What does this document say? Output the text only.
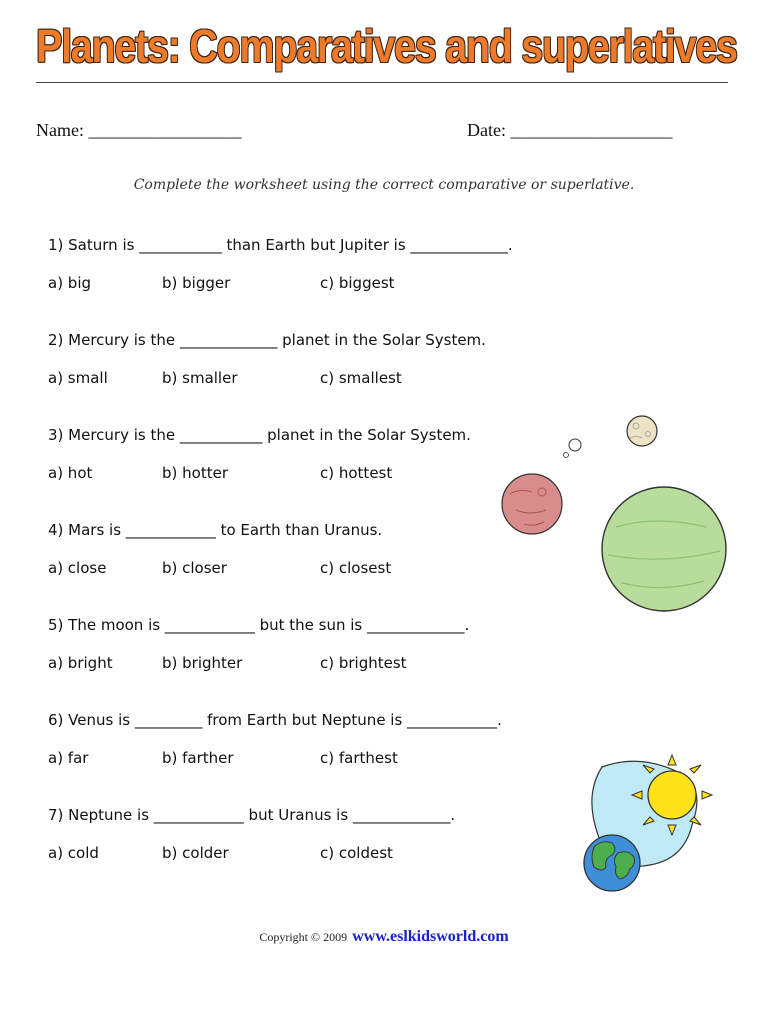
Planets: Comparatives and superlatives
Name: _________________	Date: __________________
Complete the worksheet using the correct comparative or superlative.
1) Saturn is ___________ than Earth but Jupiter is _____________.
a) big	b) bigger	c) biggest
2) Mercury is the _____________ planet in the Solar System.
a) small	b) smaller	c) smallest
3) Mercury is the ___________ planet in the Solar System.
a) hot	b) hotter	c) hottest
4) Mars is ____________ to Earth than Uranus.
a) close	b) closer	c) closest
5) The moon is ____________ but the sun is _____________.
a) bright	b) brighter	c) brightest
6) Venus is _________ from Earth but Neptune is ____________.
a) far	b) farther	c) farthest
7) Neptune is ____________ but Uranus is _____________.
a) cold	b) colder	c) coldest
Copyright © 2009 www.eslkidsworld.com
